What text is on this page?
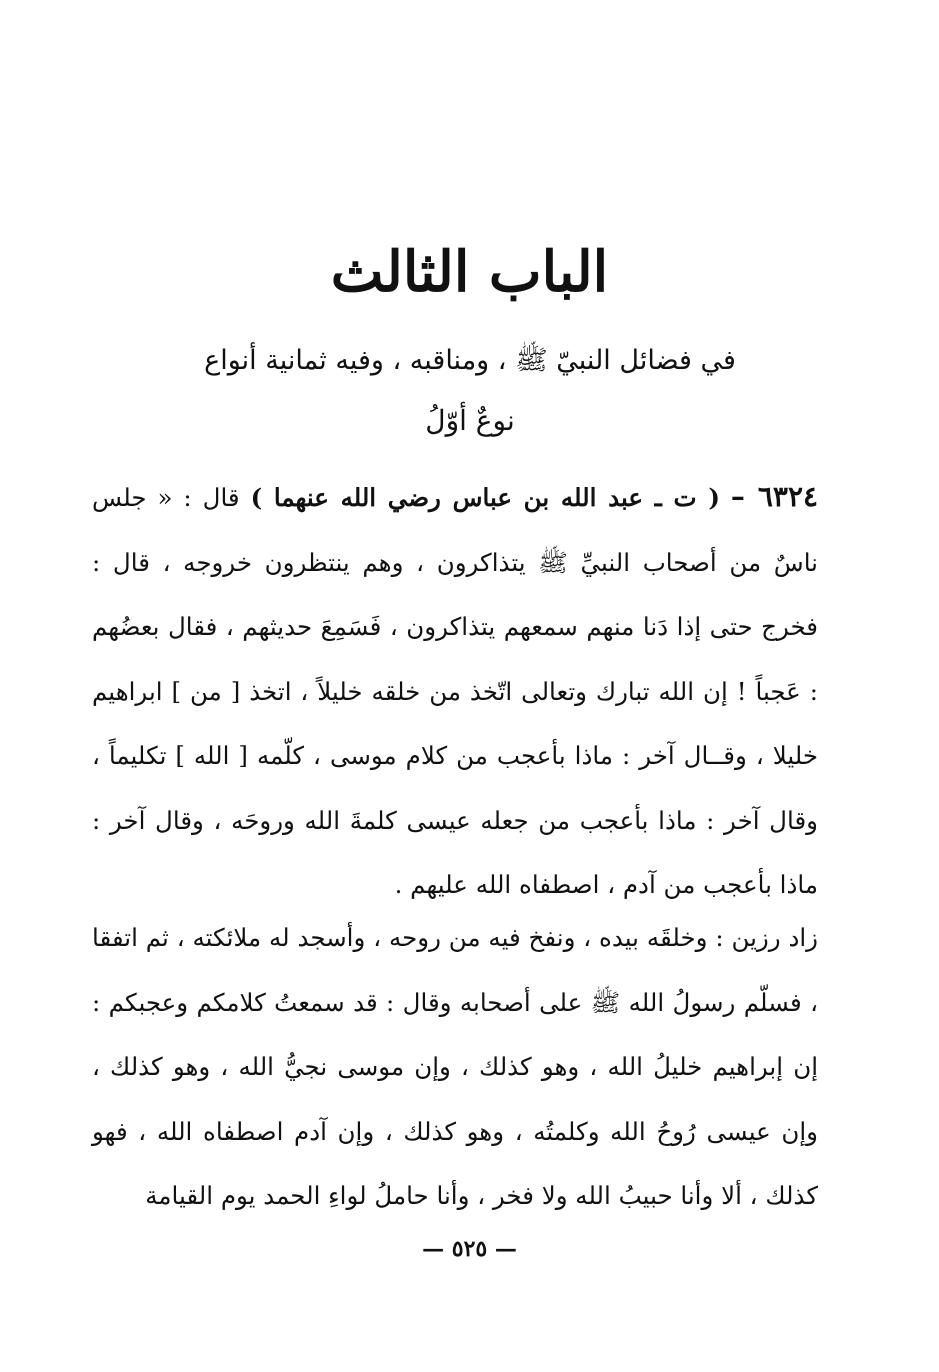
الباب الثالث
في فضائل النبيّ ﷺ ، ومناقبه ، وفيه ثمانية أنواع
نوعٌ أوّلُ

٦٣٢٤ – ( ت ـ عبد الله بن عباس رضي الله عنهما ) قال : « جلس ناسٌ من أصحاب النبيِّ ﷺ يتذاكرون ، وهم ينتظرون خروجه ، قال : فخرج حتى إذا دَنا منهم سمعهم يتذاكرون ، فَسَمِعَ حديثهم ، فقال بعضُهم : عَجباً ! إن الله تبارك وتعالى اتّخذ من خلقه خليلاً ، اتخذ [ من ] ابراهيم خليلا ، وقــال آخر : ماذا بأعجب من كلام موسى ، كلّمه [ الله ] تكليماً ، وقال آخر : ماذا بأعجب من جعله عيسى كلمةَ الله وروحَه ، وقال آخر : ماذا بأعجب من آدم ، اصطفاه الله عليهم .

زاد رزين : وخلقَه بيده ، ونفخ فيه من روحه ، وأسجد له ملائكته ، ثم اتفقا ، فسلّم رسولُ الله ﷺ على أصحابه وقال : قد سمعتُ كلامكم وعجبكم : إن إبراهيم خليلُ الله ، وهو كذلك ، وإن موسى نجيُّ الله ، وهو كذلك ، وإن عيسى رُوحُ الله وكلمتُه ، وهو كذلك ، وإن آدم اصطفاه الله ، فهو كذلك ، ألا وأنا حبيبُ الله ولا فخر ، وأنا حاملُ لواءِ الحمد يوم القيامة

— ٥٢٥ —
